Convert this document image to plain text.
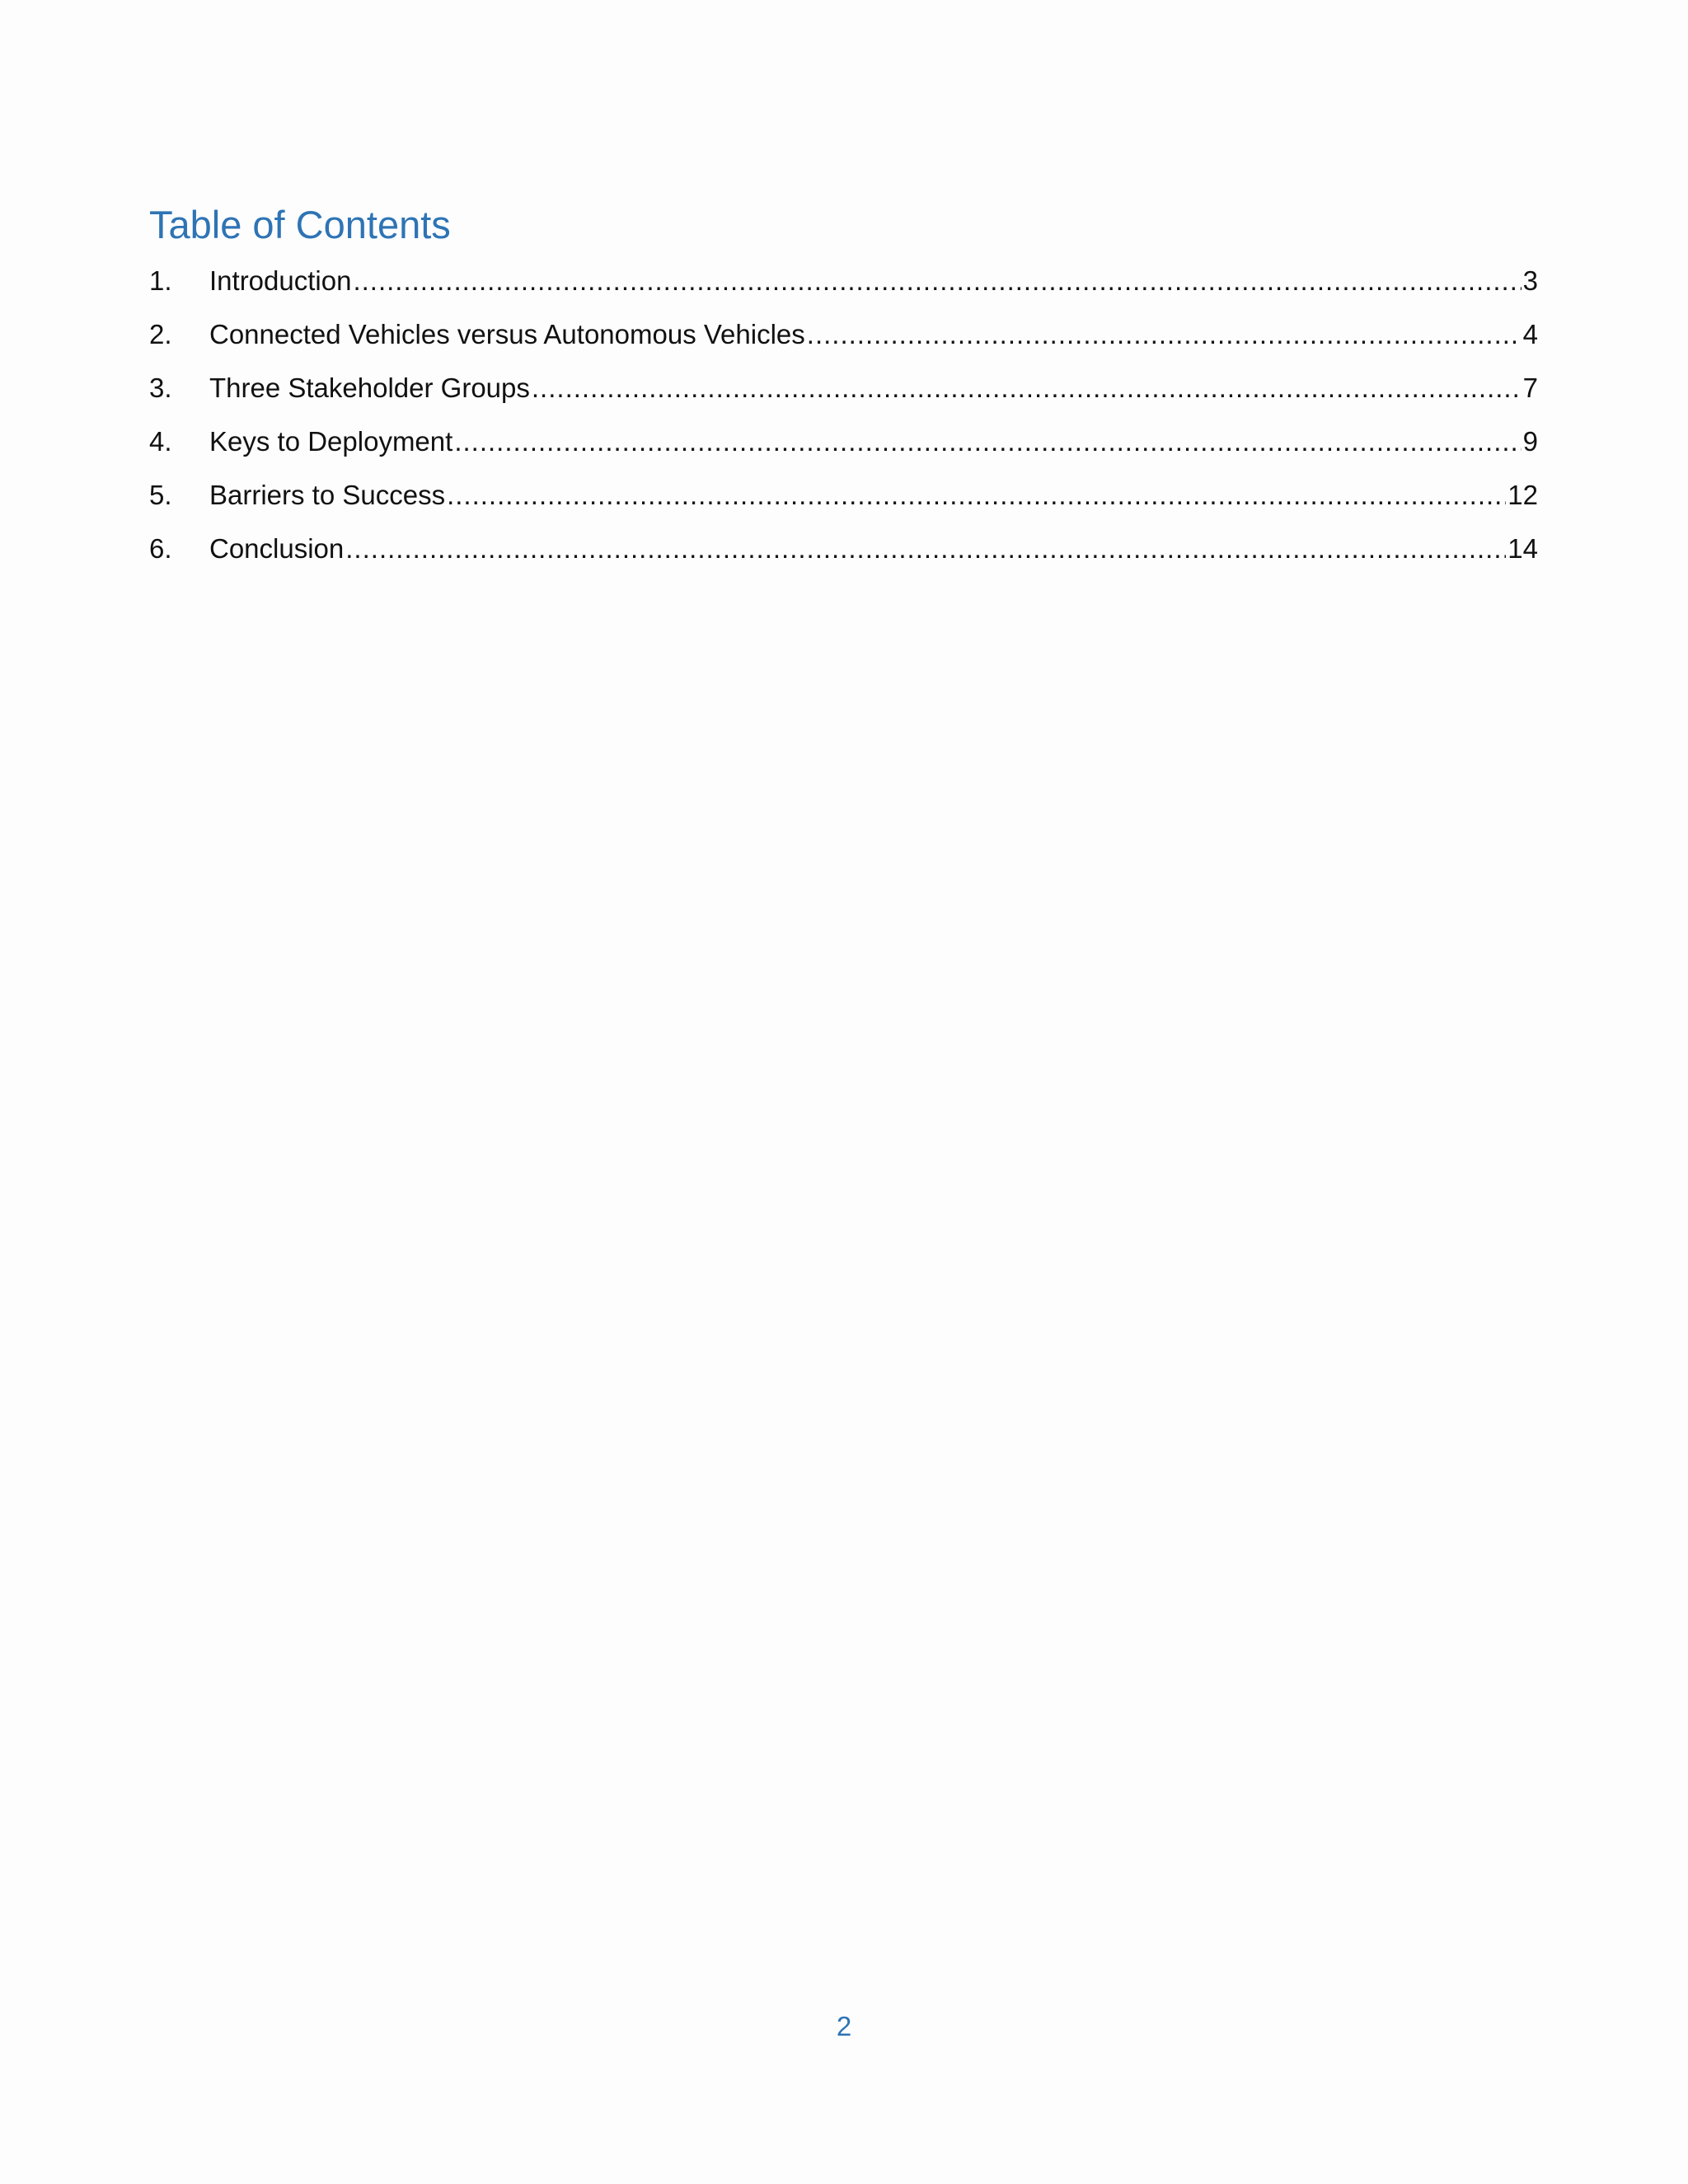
Table of Contents
1.	Introduction .....	3
2.	Connected Vehicles versus Autonomous Vehicles .....	4
3.	Three Stakeholder Groups .....	7
4.	Keys to Deployment .....	9
5.	Barriers to Success .....	12
6.	Conclusion .....	14
2
